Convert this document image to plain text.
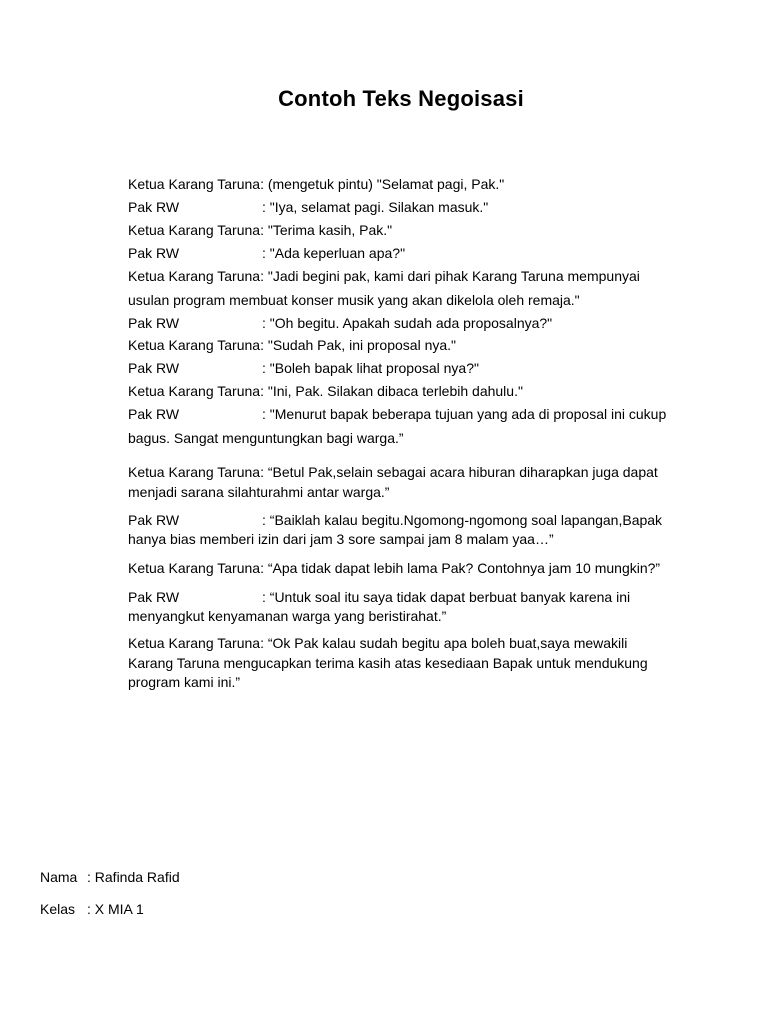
Contoh Teks Negoisasi
Ketua Karang Taruna: (mengetuk pintu) "Selamat pagi, Pak."
Pak RW	: "Iya, selamat pagi. Silakan masuk."
Ketua Karang Taruna: "Terima kasih, Pak."
Pak RW	: "Ada keperluan apa?"
Ketua Karang Taruna: "Jadi begini pak, kami dari pihak Karang Taruna mempunyai
usulan program membuat konser musik yang akan dikelola oleh remaja."
Pak RW	: "Oh begitu. Apakah sudah ada proposalnya?"
Ketua Karang Taruna: "Sudah Pak, ini proposal nya."
Pak RW	: "Boleh bapak lihat proposal nya?"
Ketua Karang Taruna: "Ini, Pak. Silakan dibaca terlebih dahulu."
Pak RW	: "Menurut bapak beberapa tujuan yang ada di proposal ini cukup
bagus. Sangat menguntungkan bagi warga.”
Ketua Karang Taruna: “Betul Pak,selain sebagai acara hiburan diharapkan juga dapat
menjadi sarana silahturahmi antar warga.”
Pak RW	: “Baiklah kalau begitu.Ngomong-ngomong soal lapangan,Bapak
hanya bias memberi izin dari jam 3 sore sampai jam 8 malam yaa…”
Ketua Karang Taruna: “Apa tidak dapat lebih lama Pak? Contohnya jam 10 mungkin?”
Pak RW	: “Untuk soal itu saya tidak dapat berbuat banyak karena ini
menyangkut kenyamanan warga yang beristirahat.”
Ketua Karang Taruna: “Ok Pak kalau sudah begitu apa boleh buat,saya mewakili
Karang Taruna mengucapkan terima kasih atas kesediaan Bapak untuk mendukung
program kami ini.”
Nama : Rafinda Rafid
Kelas : X MIA 1
